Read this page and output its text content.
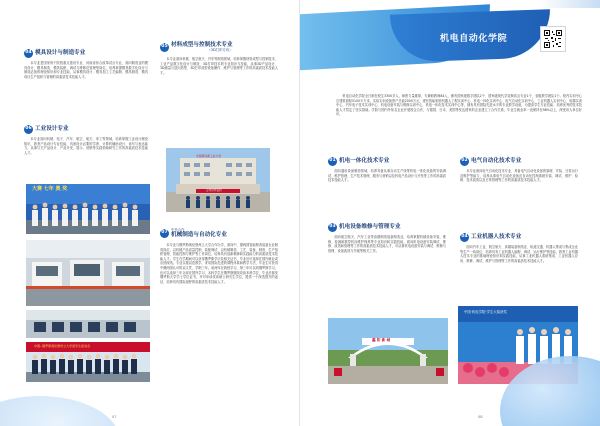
04 模具设计与制造专业
本专业是国家骨干院校重点建设专业、河南省综合改革试点专业，面向制造业的模具设计、模具制造、模具装配、调试与维修及管理等岗位，培养掌握模具数字化设计与制造必备的理论知识和专业技能，从事模具设计、模具加工工艺编制、模具制造、模具项目生产组织与管理的高素质技术技能人才。
06 工业设计专业
本专业面向机械、电子、汽车、航空、航天、家工等领域，培养掌握工业设计理论知识，熟悉产品设计专业技能，具备设计必要的学养、计算机辅助设计、读写与表达能力，从事与关产品设计、产品开发，展示、营销等实践领域研究工作的高素质技术技能人才。
05 材料成型与控制技术专业
（3D打印方向）
本专业面向机械、航空航天、汽车等制造领域，培养掌握材料成型与控制技术、工业产品数字化设计与制造、3D打印技术的专业知识与技能，从事3D产品设计、3D测量与逆向造型、3D打印成型设备操作、维护与管理等工作的高素质技术技能人才。
中国原动新工业大学
合作办学签约
大赛 七年 奥 奖
07 中外合作
机械制造与自动化专业
本专业与俄罗斯奥伦堡州立大学合作办学，面向中、德两国智能制造装备企业制造岗位，以机械产品质量控制、装配调试、以机械制造、工艺、装备、制造、生产组织管理、智能控制与维护等工作岗位，培养具有创新精神和实践能力的高素质技术技能人才。学生在学期间可以获得俄罗斯学历及相关证书，毕业后可选择在国内就业或出国深造。专业实施双语教学，采用国际先进的课程体系和教学方法，毕业生可获得中俄两国认可的双文凭，学制三年。前两年在我校学习，第三年可以到俄罗斯学习，也可以选择三年全部在国内学习，本科学生在俄罗斯继续攻读本科学位，毕业后颁发俄罗斯大学学士学位证书，并可申请攻读硕士研究生学位，提供一个深造提升的途径，培养具有国际视野的高素质技术技能人才。
中国--俄罗斯奥伦堡州立大学留学生座谈会
07
机电自动化学院
机电自动化学院全日制在校生3300多人，师资力量雄厚，专兼职教师84人，拥有国家级数字团队2个、国家级现代学徒制试点专业1个、省级教学团队1个。校内实训中心总建筑面积5100平方米，实验实训设备资产总值2000万元，建有智能制造机器人工程实训中心、机电一体化实训中心、电气自动化实训中心、工业机器人实训中心、电梯实训中心、汽车电子技术实训中心、机电设备安装与维修实训中心、机电一体化技术实训中心等，拥有具有国际先进水平的专业教学设备，为提高学生专业技能、培养优秀的技术技能人才奠定了坚实基础。学院与国内外知名企业开展校企合作，与德国、日本、美国等发达国家的企业建立了合作关系，毕业生就业率一直保持在98%以上，深受用人单位好评。
01 机电一体化技术专业
面向通用设备制造领域，培养具备从事自动生产线等机电一体化设备的安装调试、维护管理、生产技术管理、服务与营销以及机电产品设计与开发等工作的高素质技术技能人才。
02 电气自动化技术专业
本专业面向电气自动化技术专业、具备电气自动化设备的原理、安装、日常运行及维护等能力，培养从事电气自动化设备及自动化控制系统安装、调试、维护、检修、技术改造以及日常管理等工作的高素质技术技能人才。
03 机电设备维修与管理专业
面向航空航天、汽车工业等高端制造装备制造业，培养掌握机械设备安装、维修、检测和数控机床维护保养等专业知识和实践技能，面向机电设备安装调试、维修、改造和管理等工作的高素质技术技能人才，可从事机电设备安装与调试、维修与管理、设备改造与升级等相关工作。
04 工业机器人技术专业
面向汽车工业、航空航天、高端装备制造业、轨道交通、机器人集成与集成企业等生产一线岗位，培养具有工业机器人编程、调试、运行维护等技能，熟悉工业机器人技术专业的基础理论知识和实践技能，从事工业机器人系统集成、工业机器人应用、维修、调试、维护与管理等工作的高素质技术技能人才。
鑫 阳 新 城
中国·机电学院·学生大赛获奖
08
